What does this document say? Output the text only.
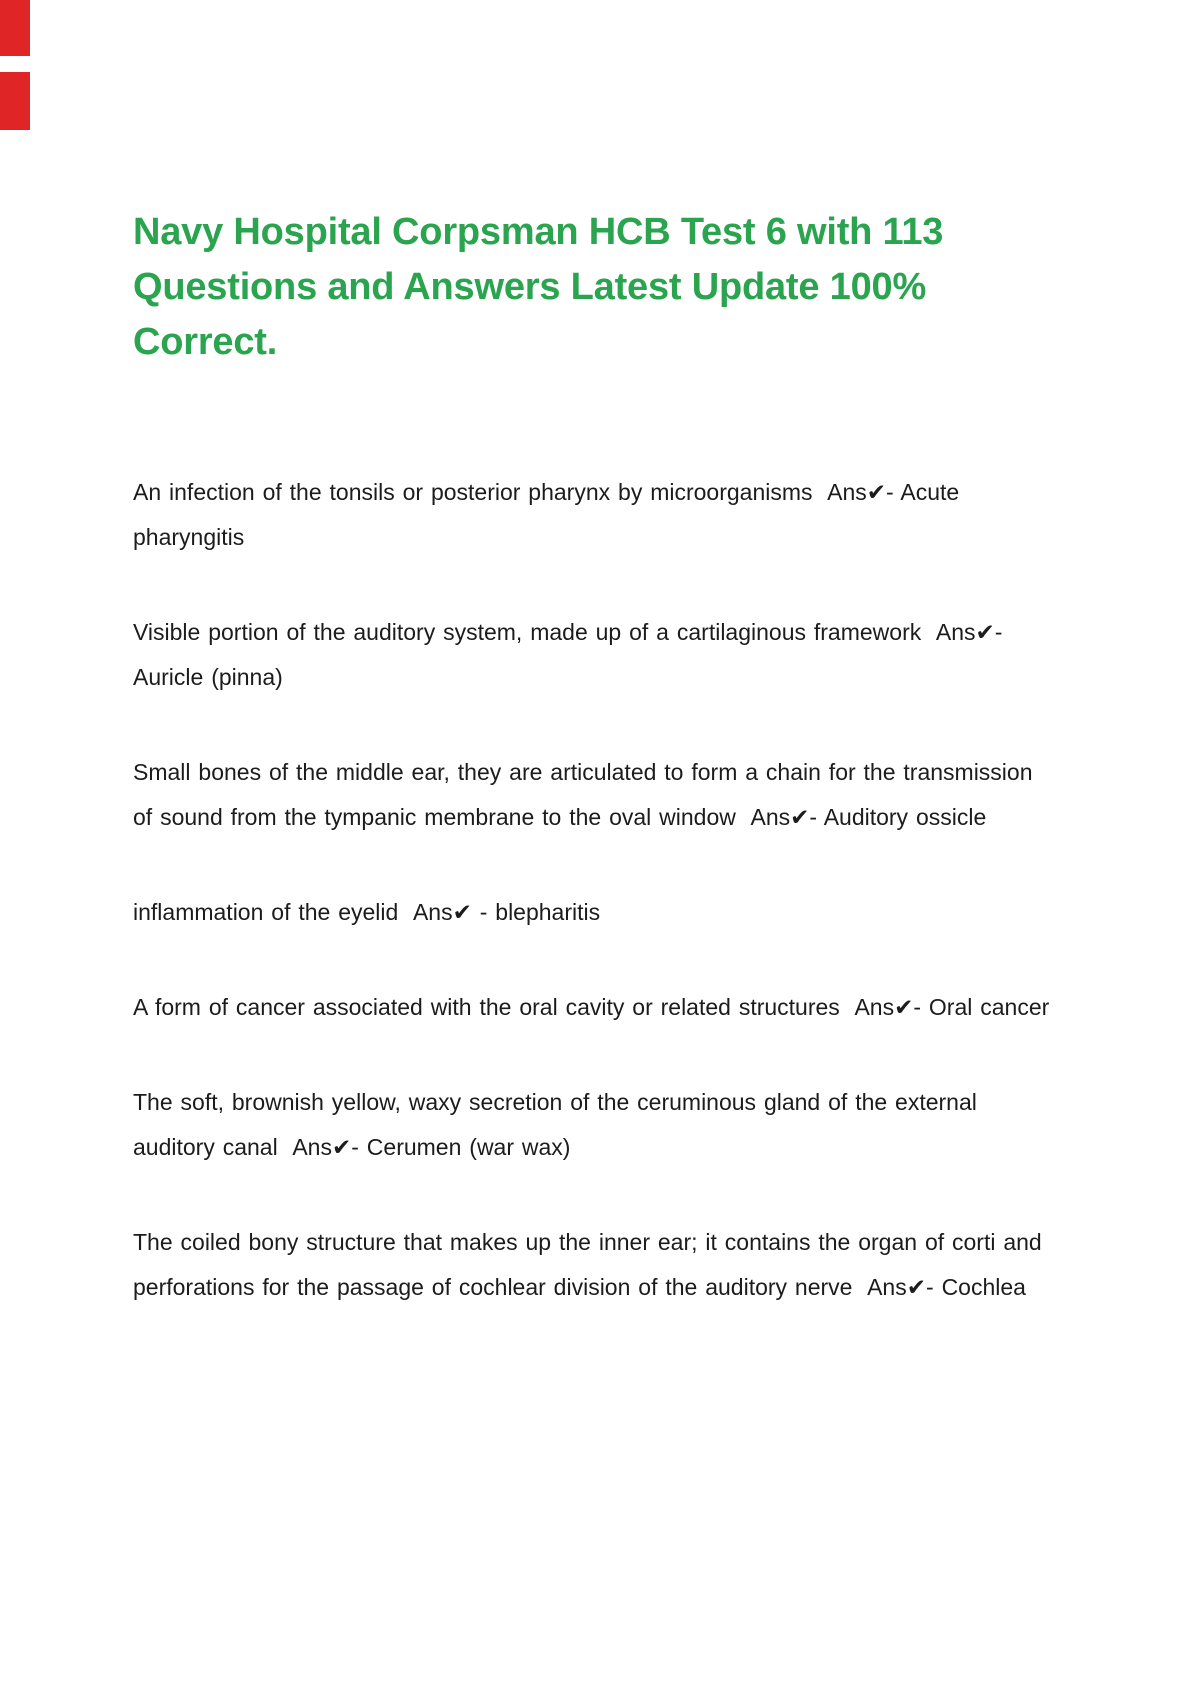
Navy Hospital Corpsman HCB Test 6 with 113 Questions and Answers Latest Update 100% Correct.

An infection of the tonsils or posterior pharynx by microorganisms Ans✔- Acute pharyngitis

Visible portion of the auditory system, made up of a cartilaginous framework Ans✔- Auricle (pinna)

Small bones of the middle ear, they are articulated to form a chain for the transmission of sound from the tympanic membrane to the oval window Ans✔- Auditory ossicle

inflammation of the eyelid Ans✔ - blepharitis

A form of cancer associated with the oral cavity or related structures Ans✔- Oral cancer

The soft, brownish yellow, waxy secretion of the ceruminous gland of the external auditory canal Ans✔- Cerumen (war wax)

The coiled bony structure that makes up the inner ear; it contains the organ of corti and perforations for the passage of cochlear division of the auditory nerve Ans✔- Cochlea
